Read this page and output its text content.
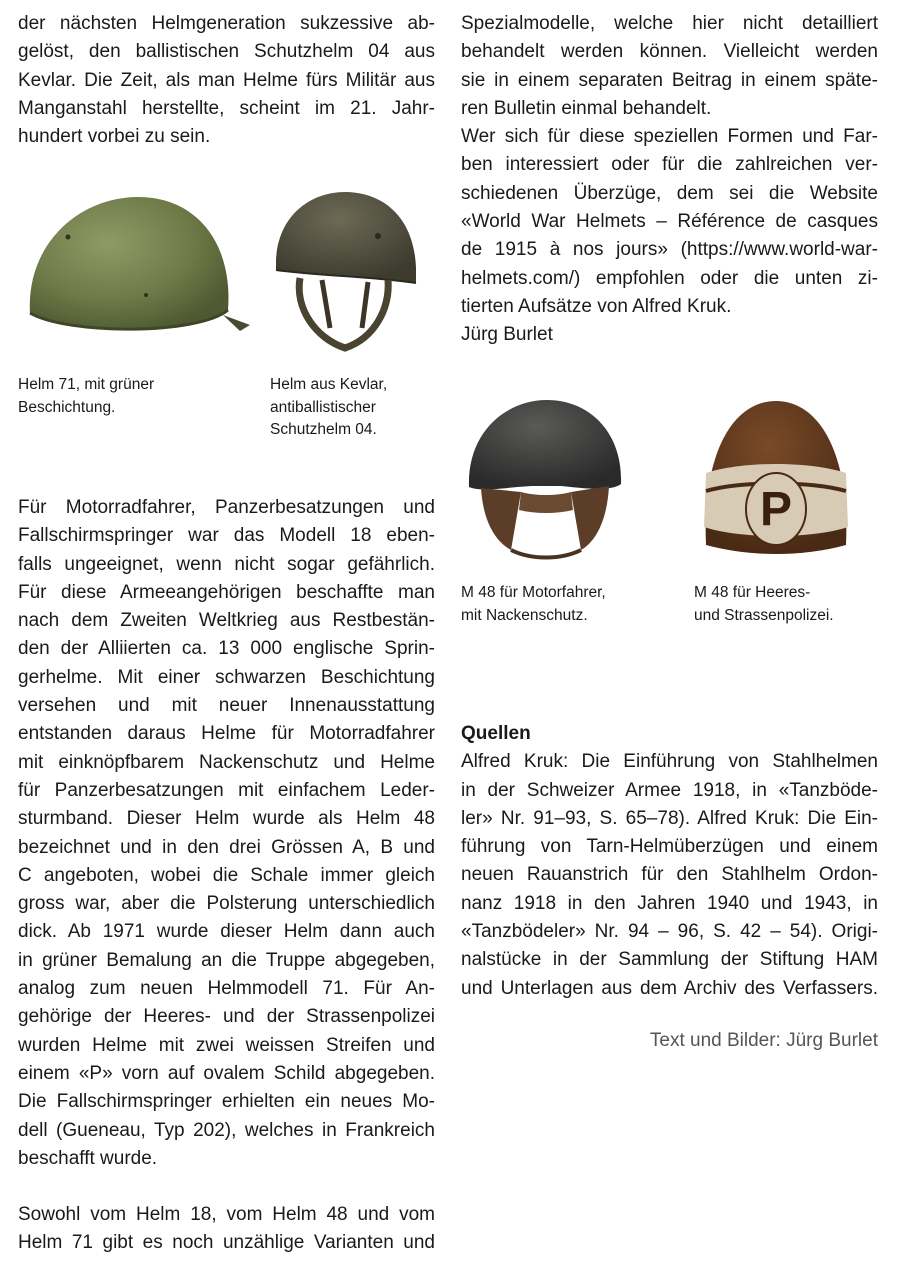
der nächsten Helmgeneration sukzessive ab-
gelöst, den ballistischen Schutzhelm 04 aus
Kevlar. Die Zeit, als man Helme fürs Militär aus
Manganstahl herstellte, scheint im 21. Jahr-
hundert vorbei zu sein.
Helm 71, mit grüner
Beschichtung.
Helm aus Kevlar,
antiballistischer
Schutzhelm 04.
Für Motorradfahrer, Panzerbesatzungen und
Fallschirmspringer war das Modell 18 eben-
falls ungeeignet, wenn nicht sogar gefährlich.
Für diese Armeeangehörigen beschaffte man
nach dem Zweiten Weltkrieg aus Restbestän-
den der Alliierten ca. 13 000 englische Sprin-
gerhelme. Mit einer schwarzen Beschichtung
versehen und mit neuer Innenausstattung
entstanden daraus Helme für Motorradfahrer
mit einknöpfbarem Nackenschutz und Helme
für Panzerbesatzungen mit einfachem Leder-
sturmband. Dieser Helm wurde als Helm 48
bezeichnet und in den drei Grössen A, B und
C angeboten, wobei die Schale immer gleich
gross war, aber die Polsterung unterschiedlich
dick. Ab 1971 wurde dieser Helm dann auch
in grüner Bemalung an die Truppe abgegeben,
analog zum neuen Helmmodell 71. Für An-
gehörige der Heeres- und der Strassenpolizei
wurden Helme mit zwei weissen Streifen und
einem «P» vorn auf ovalem Schild abgegeben.
Die Fallschirmspringer erhielten ein neues Mo-
dell (Gueneau, Typ 202), welches in Frankreich
beschafft wurde.
Sowohl vom Helm 18, vom Helm 48 und vom
Helm 71 gibt es noch unzählige Varianten und
Spezialmodelle, welche hier nicht detailliert
behandelt werden können. Vielleicht werden
sie in einem separaten Beitrag in einem späte-
ren Bulletin einmal behandelt.
Wer sich für diese speziellen Formen und Far-
ben interessiert oder für die zahlreichen ver-
schiedenen Überzüge, dem sei die Website
«World War Helmets – Référence de casques
de 1915 à nos jours» (https://www.world-war-
helmets.com/) empfohlen oder die unten zi-
tierten Aufsätze von Alfred Kruk.
Jürg Burlet
P
M 48 für Motorfahrer,
mit Nackenschutz.
M 48 für Heeres-
und Strassenpolizei.

Quellen

Alfred Kruk: Die Einführung von Stahlhelmen
in der Schweizer Armee 1918, in «Tanzböde-
ler» Nr. 91–93, S. 65–78). Alfred Kruk: Die Ein-
führung von Tarn-Helmüberzügen und einem
neuen Rauanstrich für den Stahlhelm Ordon-
nanz 1918 in den Jahren 1940 und 1943, in
«Tanzbödeler» Nr. 94 – 96, S. 42 – 54). Origi-
nalstücke in der Sammlung der Stiftung HAM
und Unterlagen aus dem Archiv des Verfassers.

Text und Bilder: Jürg Burlet
